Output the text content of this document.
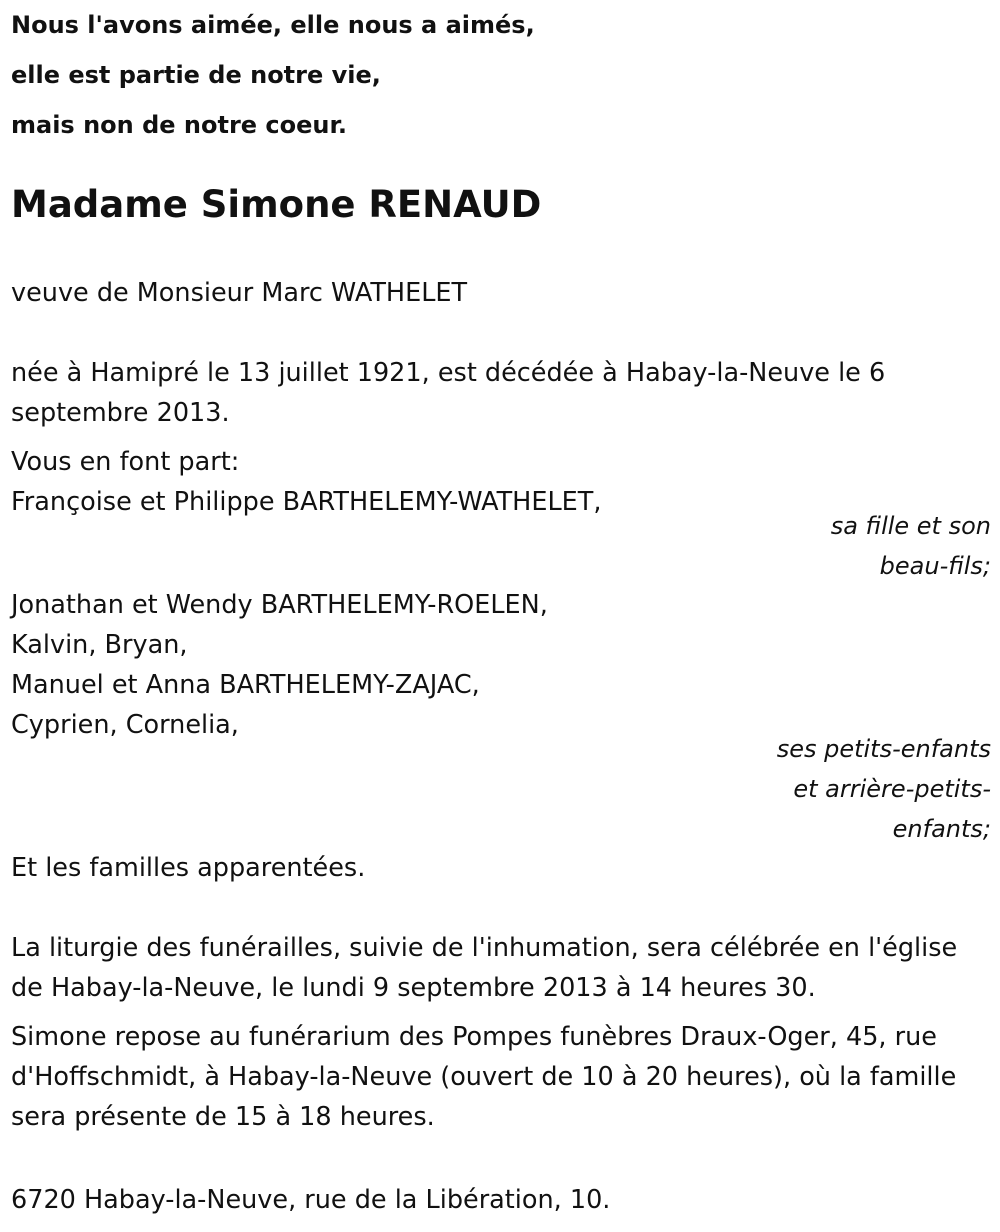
Nous l'avons aimée, elle nous a aimés,
elle est partie de notre vie,
mais non de notre coeur.
Madame Simone RENAUD
veuve de Monsieur Marc WATHELET
née à Hamipré le 13 juillet 1921, est décédée à Habay-la-Neuve le 6
septembre 2013.
Vous en font part:
Françoise et Philippe BARTHELEMY-WATHELET,
sa fille et son
beau-fils;
Jonathan et Wendy BARTHELEMY-ROELEN,
Kalvin, Bryan,
Manuel et Anna BARTHELEMY-ZAJAC,
Cyprien, Cornelia,
ses petits-enfants
et arrière-petits-
enfants;
Et les familles apparentées.
La liturgie des funérailles, suivie de l'inhumation, sera célébrée en l'église
de Habay-la-Neuve, le lundi 9 septembre 2013 à 14 heures 30.
Simone repose au funérarium des Pompes funèbres Draux-Oger, 45, rue
d'Hoffschmidt, à Habay-la-Neuve (ouvert de 10 à 20 heures), où la famille
sera présente de 15 à 18 heures.
6720 Habay-la-Neuve, rue de la Libération, 10.
